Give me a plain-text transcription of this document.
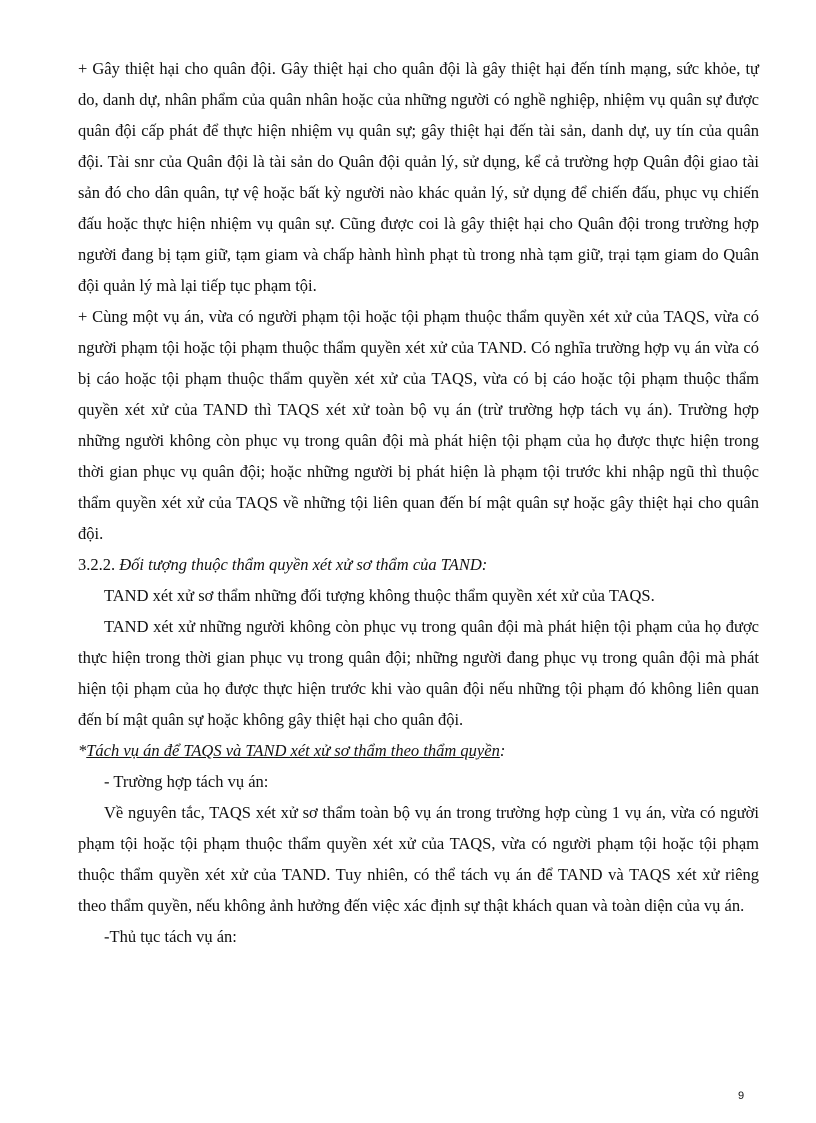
+ Gây thiệt hại cho quân đội. Gây thiệt hại cho quân đội là gây thiệt hại đến tính mạng, sức khỏe, tự do, danh dự, nhân phẩm của quân nhân hoặc của những người có nghề nghiệp, nhiệm vụ quân sự được quân đội cấp phát để thực hiện nhiệm vụ quân sự; gây thiệt hại đến tài sản, danh dự, uy tín của quân đội. Tài snr của Quân đội là tài sản do Quân đội quản lý, sử dụng, kể cả trường hợp Quân đội giao tài sản đó cho dân quân, tự vệ hoặc bất kỳ người nào khác quản lý, sử dụng để chiến đấu, phục vụ chiến đấu hoặc thực hiện nhiệm vụ quân sự. Cũng được coi là gây thiệt hại cho Quân đội trong trường hợp người đang bị tạm giữ, tạm giam và chấp hành hình phạt tù trong nhà tạm giữ, trại tạm giam do Quân đội quản lý mà lại tiếp tục phạm tội.

+ Cùng một vụ án, vừa có người phạm tội hoặc tội phạm thuộc thẩm quyền xét xử của TAQS, vừa có người phạm tội hoặc tội phạm thuộc thẩm quyền xét xử của TAND. Có nghĩa trường hợp vụ án vừa có bị cáo hoặc tội phạm thuộc thẩm quyền xét xử của TAQS, vừa có bị cáo hoặc tội phạm thuộc thẩm quyền xét xử của TAND thì TAQS xét xử toàn bộ vụ án (trừ trường hợp tách vụ án). Trường hợp những người không còn phục vụ trong quân đội mà phát hiện tội phạm của họ được thực hiện trong thời gian phục vụ quân đội; hoặc những người bị phát hiện là phạm tội trước khi nhập ngũ thì thuộc thẩm quyền xét xử của TAQS về những tội liên quan đến bí mật quân sự hoặc gây thiệt hại cho quân đội.

3.2.2. Đối tượng thuộc thẩm quyền xét xử sơ thẩm của TAND:

TAND xét xử sơ thẩm những đối tượng không thuộc thẩm quyền xét xử của TAQS.

TAND xét xử những người không còn phục vụ trong quân đội mà phát hiện tội phạm của họ được thực hiện trong thời gian phục vụ trong quân đội; những người đang phục vụ trong quân đội mà phát hiện tội phạm của họ được thực hiện trước khi vào quân đội nếu những tội phạm đó không liên quan đến bí mật quân sự hoặc không gây thiệt hại cho quân đội.

*Tách vụ án để TAQS và TAND xét xử sơ thẩm theo thẩm quyền:

- Trường hợp tách vụ án:

Về nguyên tắc, TAQS xét xử sơ thẩm toàn bộ vụ án trong trường hợp cùng 1 vụ án, vừa có người phạm tội hoặc tội phạm thuộc thẩm quyền xét xử của TAQS, vừa có người phạm tội hoặc tội phạm thuộc thẩm quyền xét xử của TAND. Tuy nhiên, có thể tách vụ án để TAND và TAQS xét xử riêng theo thẩm quyền, nếu không ảnh hưởng đến việc xác định sự thật khách quan và toàn diện của vụ án.

-Thủ tục tách vụ án:

9
